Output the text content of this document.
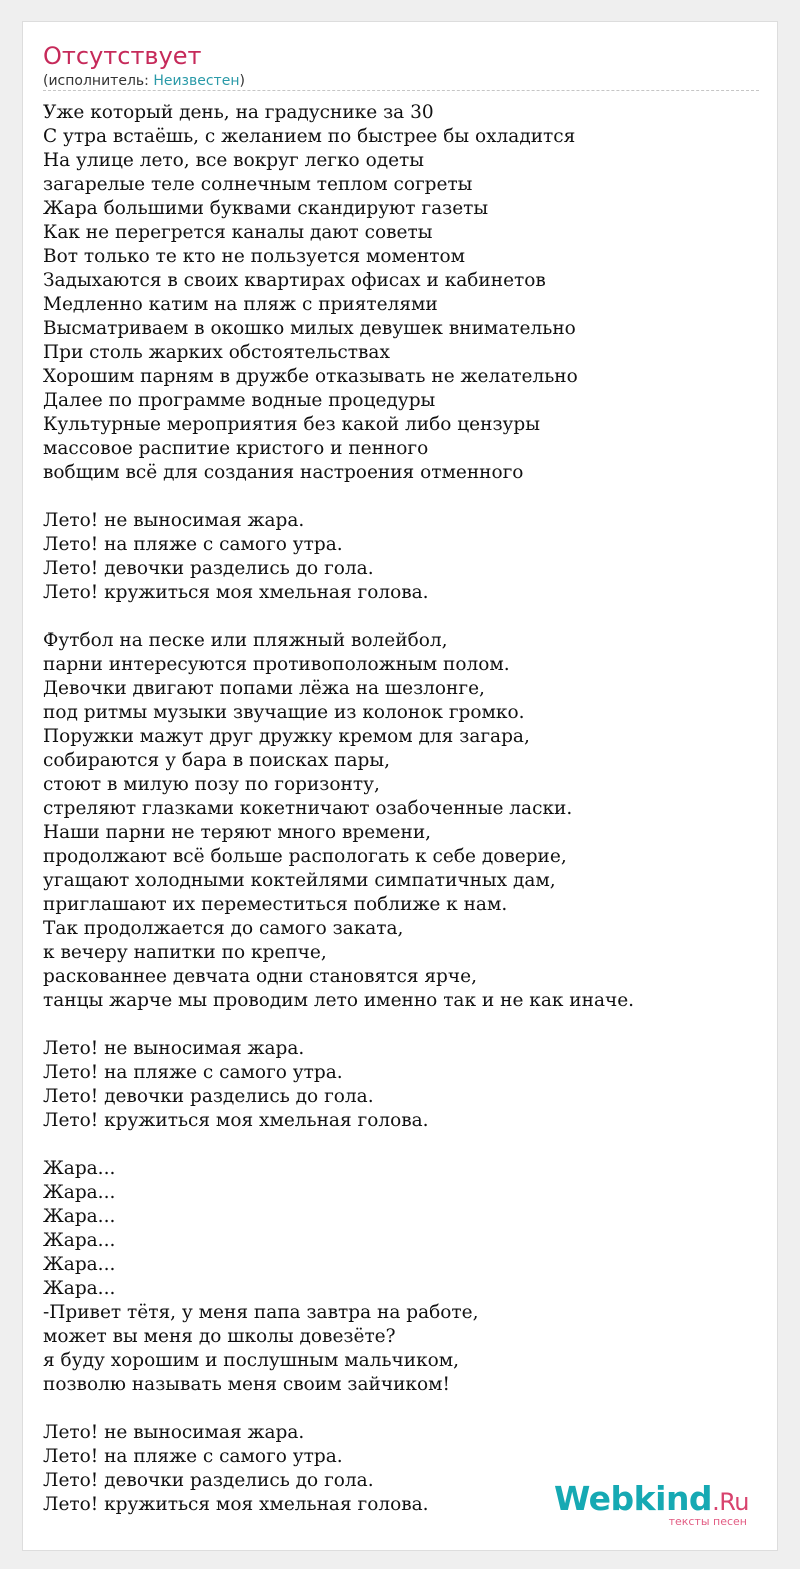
Отсутствует
(исполнитель: Неизвестен)
Уже который день, на градуснике за 30
С утра встаёшь, с желанием по быстрее бы охладится
На улице лето, все вокруг легко одеты
загарелые теле солнечным теплом согреты
Жара большими буквами скандируют газеты
Как не перегрется каналы дают советы
Вот только те кто не пользуется моментом
Задыхаются в своих квартирах офисах и кабинетов
Медленно катим на пляж с приятелями
Высматриваем в окошко милых девушек внимательно
При столь жарких обстоятельствах
Хорошим парням в дружбе отказывать не желательно
Далее по программе водные процедуры
Культурные мероприятия без какой либо цензуры
массовое распитие кристого и пенного
вобщим всё для создания настроения отменного
Лето! не выносимая жара.
Лето! на пляже с самого утра.
Лето! девочки разделись до гола.
Лето! кружиться моя хмельная голова.
Футбол на песке или пляжный волейбол,
парни интересуются противоположным полом.
Девочки двигают попами лёжа на шезлонге,
под ритмы музыки звучащие из колонок громко.
Поружки мажут друг дружку кремом для загара,
собираются у бара в поисках пары,
стоют в милую позу по горизонту,
стреляют глазками кокетничают озабоченные ласки.
Наши парни не теряют много времени,
продолжают всё больше распологать к себе доверие,
угащают холодными коктейлями симпатичных дам,
приглашают их переместиться поближе к нам.
Так продолжается до самого заката,
к вечеру напитки по крепче,
раскованнее девчата одни становятся ярче,
танцы жарче мы проводим лето именно так и не как иначе.
Лето! не выносимая жара.
Лето! на пляже с самого утра.
Лето! девочки разделись до гола.
Лето! кружиться моя хмельная голова.
Жара...
Жара...
Жара...
Жара...
Жара...
Жара...
-Привет тётя, у меня папа завтра на работе,
может вы меня до школы довезёте?
я буду хорошим и послушным мальчиком,
позволю называть меня своим зайчиком!
Лето! не выносимая жара.
Лето! на пляже с самого утра.
Лето! девочки разделись до гола.
Лето! кружиться моя хмельная голова.	Webkind.Ru
тексты песен
